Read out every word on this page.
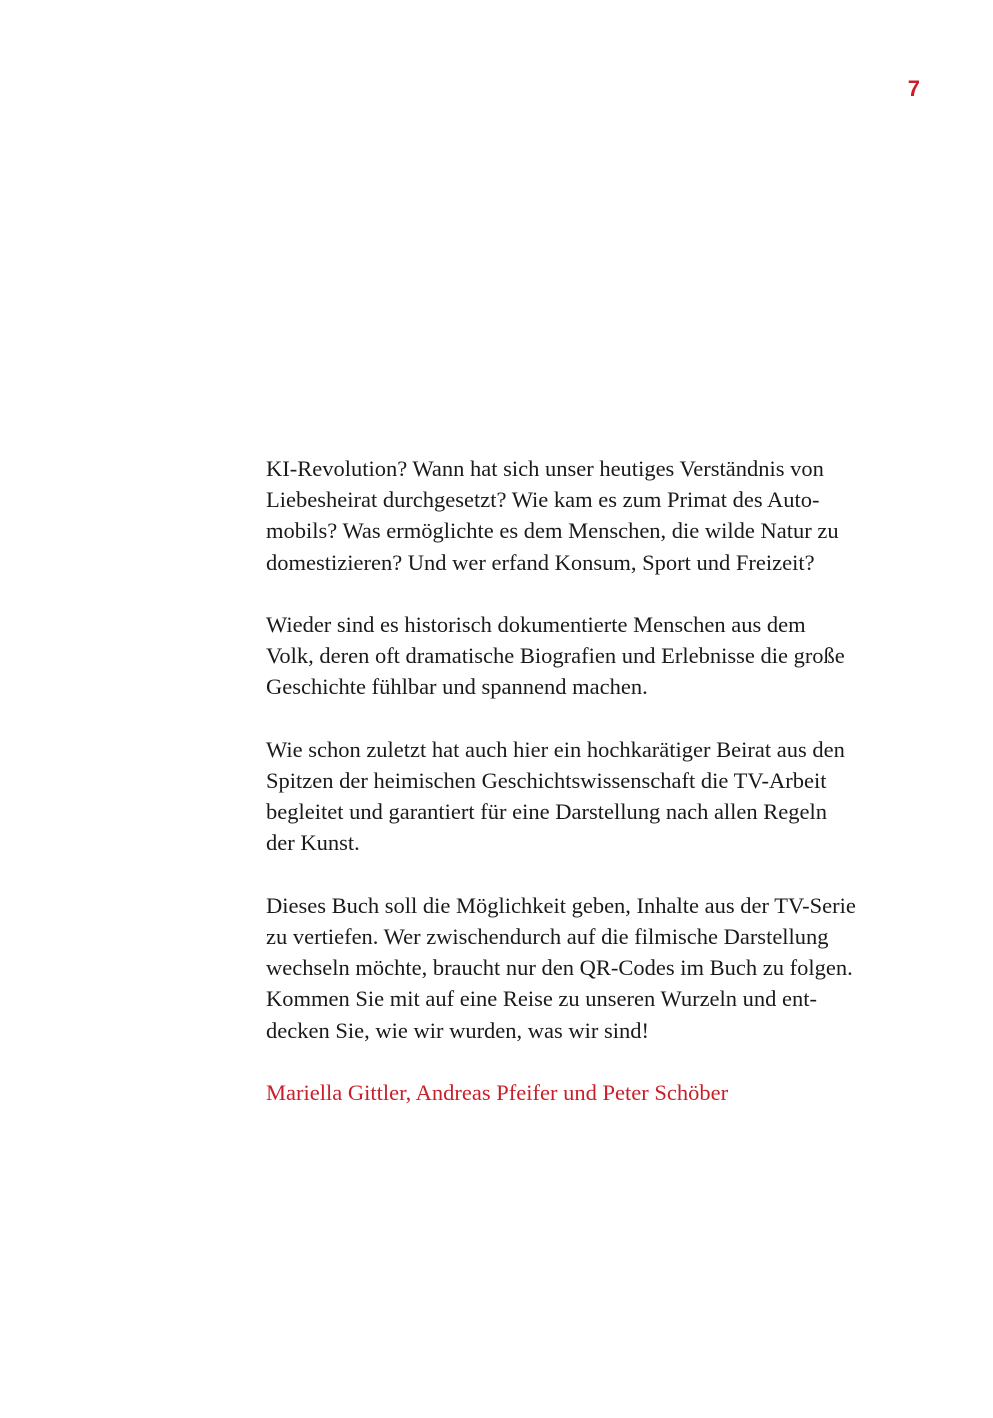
7

KI-Revolution? Wann hat sich unser heutiges Verständnis von
Liebesheirat durchgesetzt? Wie kam es zum Primat des Auto-
mobils? Was ermöglichte es dem Menschen, die wilde Natur zu
domestizieren? Und wer erfand Konsum, Sport und Freizeit?

Wieder sind es historisch dokumentierte Menschen aus dem
Volk, deren oft dramatische Biografien und Erlebnisse die große
Geschichte fühlbar und spannend machen.

Wie schon zuletzt hat auch hier ein hochkarätiger Beirat aus den
Spitzen der heimischen Geschichtswissenschaft die TV-Arbeit
begleitet und garantiert für eine Darstellung nach allen Regeln
der Kunst.

Dieses Buch soll die Möglichkeit geben, Inhalte aus der TV-Serie
zu vertiefen. Wer zwischendurch auf die filmische Darstellung
wechseln möchte, braucht nur den QR-Codes im Buch zu folgen.
Kommen Sie mit auf eine Reise zu unseren Wurzeln und ent-
decken Sie, wie wir wurden, was wir sind!

Mariella Gittler, Andreas Pfeifer und Peter Schöber
